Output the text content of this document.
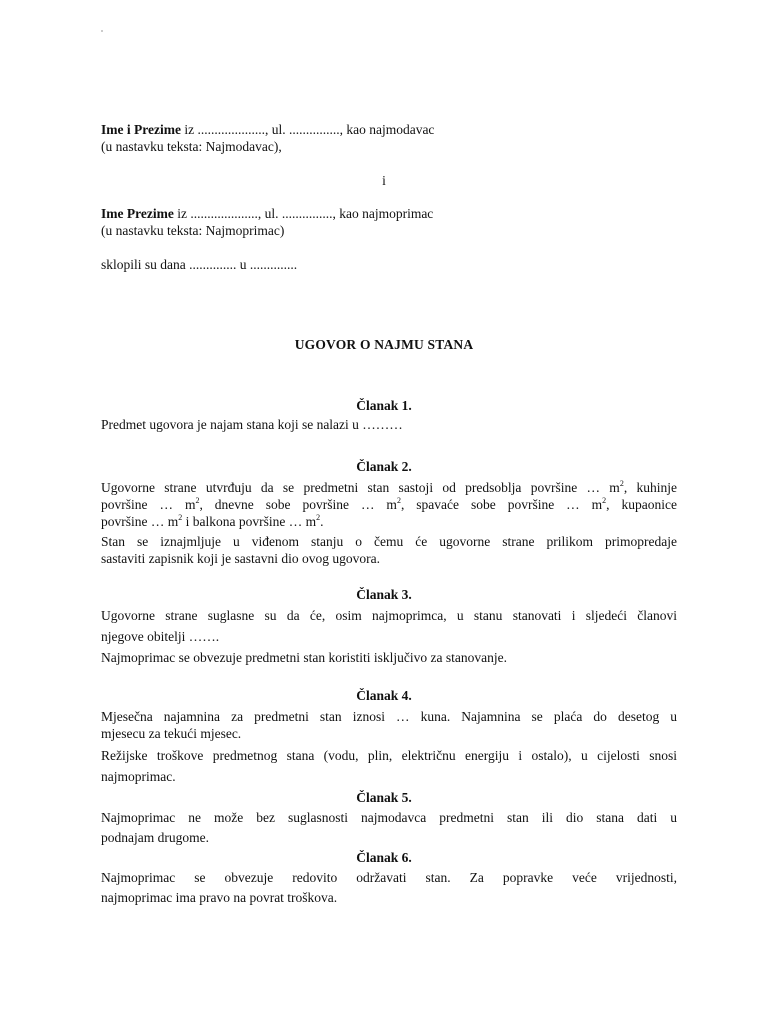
Ime i Prezime iz ...................., ul. ..............., kao najmodavac
(u nastavku teksta: Najmodavac),
i
Ime Prezime iz ...................., ul. ..............., kao najmoprimac
(u nastavku teksta: Najmoprimac)
sklopili su dana .............. u ..............
UGOVOR O NAJMU STANA
Članak 1.
Predmet ugovora je najam stana koji se nalazi u ………
Članak 2.
Ugovorne strane utvrđuju da se predmetni stan sastoji od predsoblja površine … $m^2$, kuhinje
površine … $m^2$, dnevne sobe površine … $m^2$, spavaće sobe površine … $m^2$, kupaonice
površine … $m^2$ i balkona površine … $m^2$.
Stan se iznajmljuje u viđenom stanju o čemu će ugovorne strane prilikom primopredaje
sastaviti zapisnik koji je sastavni dio ovog ugovora.
Članak 3.
Ugovorne strane suglasne su da će, osim najmoprimca, u stanu stanovati i sljedeći članovi
njegove obitelji …….
Najmoprimac se obvezuje predmetni stan koristiti isključivo za stanovanje.
Članak 4.
Mjesečna najamnina za predmetni stan iznosi … kuna. Najamnina se plaća do desetog u
mjesecu za tekući mjesec.
Režijske troškove predmetnog stana (vodu, plin, električnu energiju i ostalo), u cijelosti snosi
najmoprimac.
Članak 5.
Najmoprimac ne može bez suglasnosti najmodavca predmetni stan ili dio stana dati u
podnajam drugome.
Članak 6.
Najmoprimac se obvezuje redovito održavati stan. Za popravke veće vrijednosti,
najmoprimac ima pravo na povrat troškova.
